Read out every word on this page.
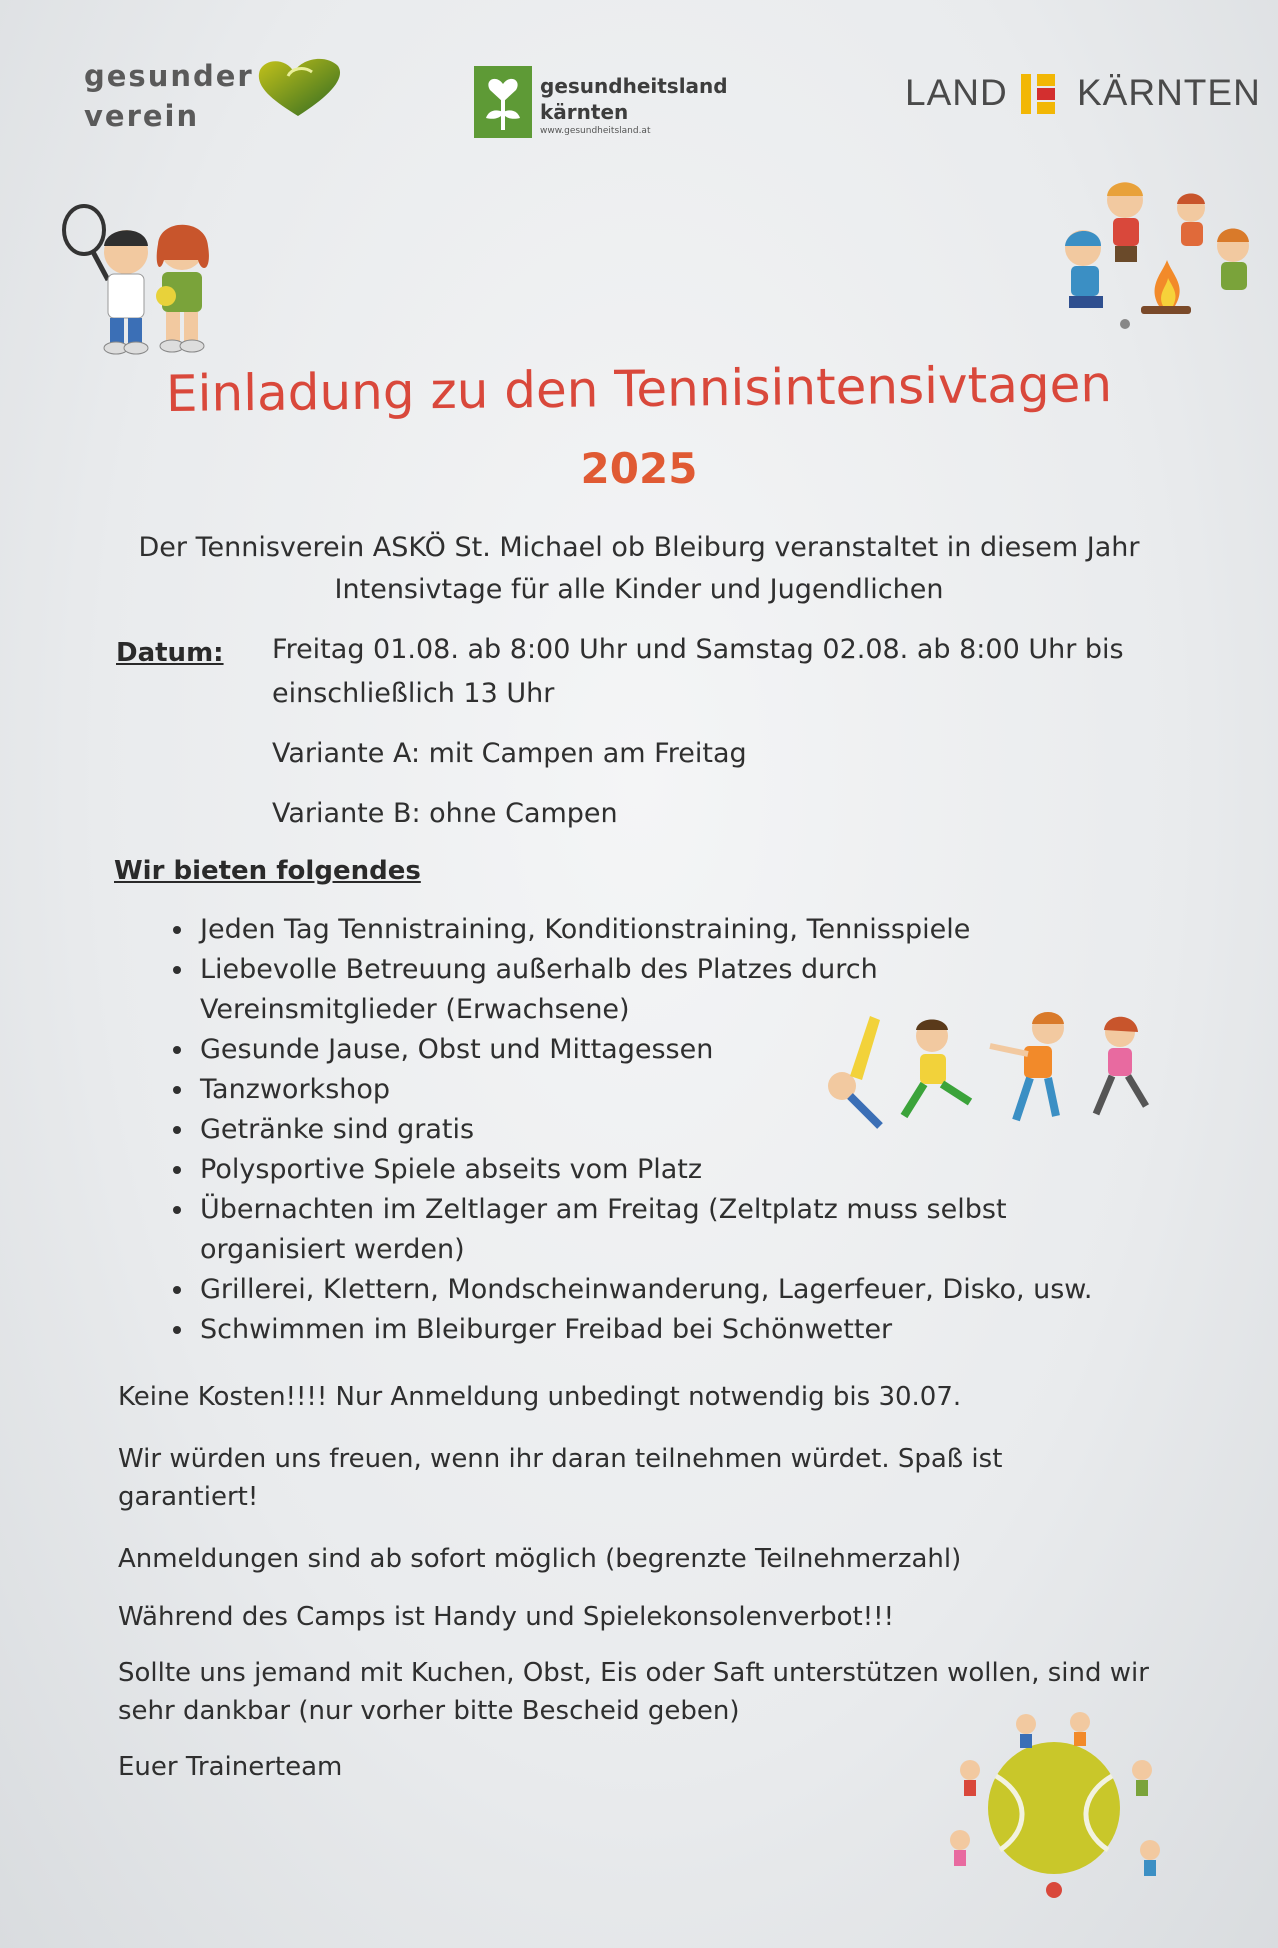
gesunder
verein
gesundheitsland
kärnten
www.gesundheitsland.at
LAND KÄRNTEN
Einladung zu den Tennisintensivtagen
2025
Der Tennisverein ASKÖ St. Michael ob Bleiburg veranstaltet in diesem Jahr
Intensivtage für alle Kinder und Jugendlichen
Datum: Freitag 01.08. ab 8:00 Uhr und Samstag 02.08. ab 8:00 Uhr bis
einschließlich 13 Uhr
Variante A: mit Campen am Freitag
Variante B: ohne Campen
Wir bieten folgendes
• Jeden Tag Tennistraining, Konditionstraining, Tennisspiele
• Liebevolle Betreuung außerhalb des Platzes durch Vereinsmitglieder (Erwachsene)
• Gesunde Jause, Obst und Mittagessen
• Tanzworkshop
• Getränke sind gratis
• Polysportive Spiele abseits vom Platz
• Übernachten im Zeltlager am Freitag (Zeltplatz muss selbst organisiert werden)
• Grillerei, Klettern, Mondscheinwanderung, Lagerfeuer, Disko, usw.
• Schwimmen im Bleiburger Freibad bei Schönwetter
Keine Kosten!!!! Nur Anmeldung unbedingt notwendig bis 30.07.
Wir würden uns freuen, wenn ihr daran teilnehmen würdet. Spaß ist garantiert!
Anmeldungen sind ab sofort möglich (begrenzte Teilnehmerzahl)
Während des Camps ist Handy und Spielekonsolenverbot!!!
Sollte uns jemand mit Kuchen, Obst, Eis oder Saft unterstützen wollen, sind wir sehr dankbar (nur vorher bitte Bescheid geben)
Euer Trainerteam
